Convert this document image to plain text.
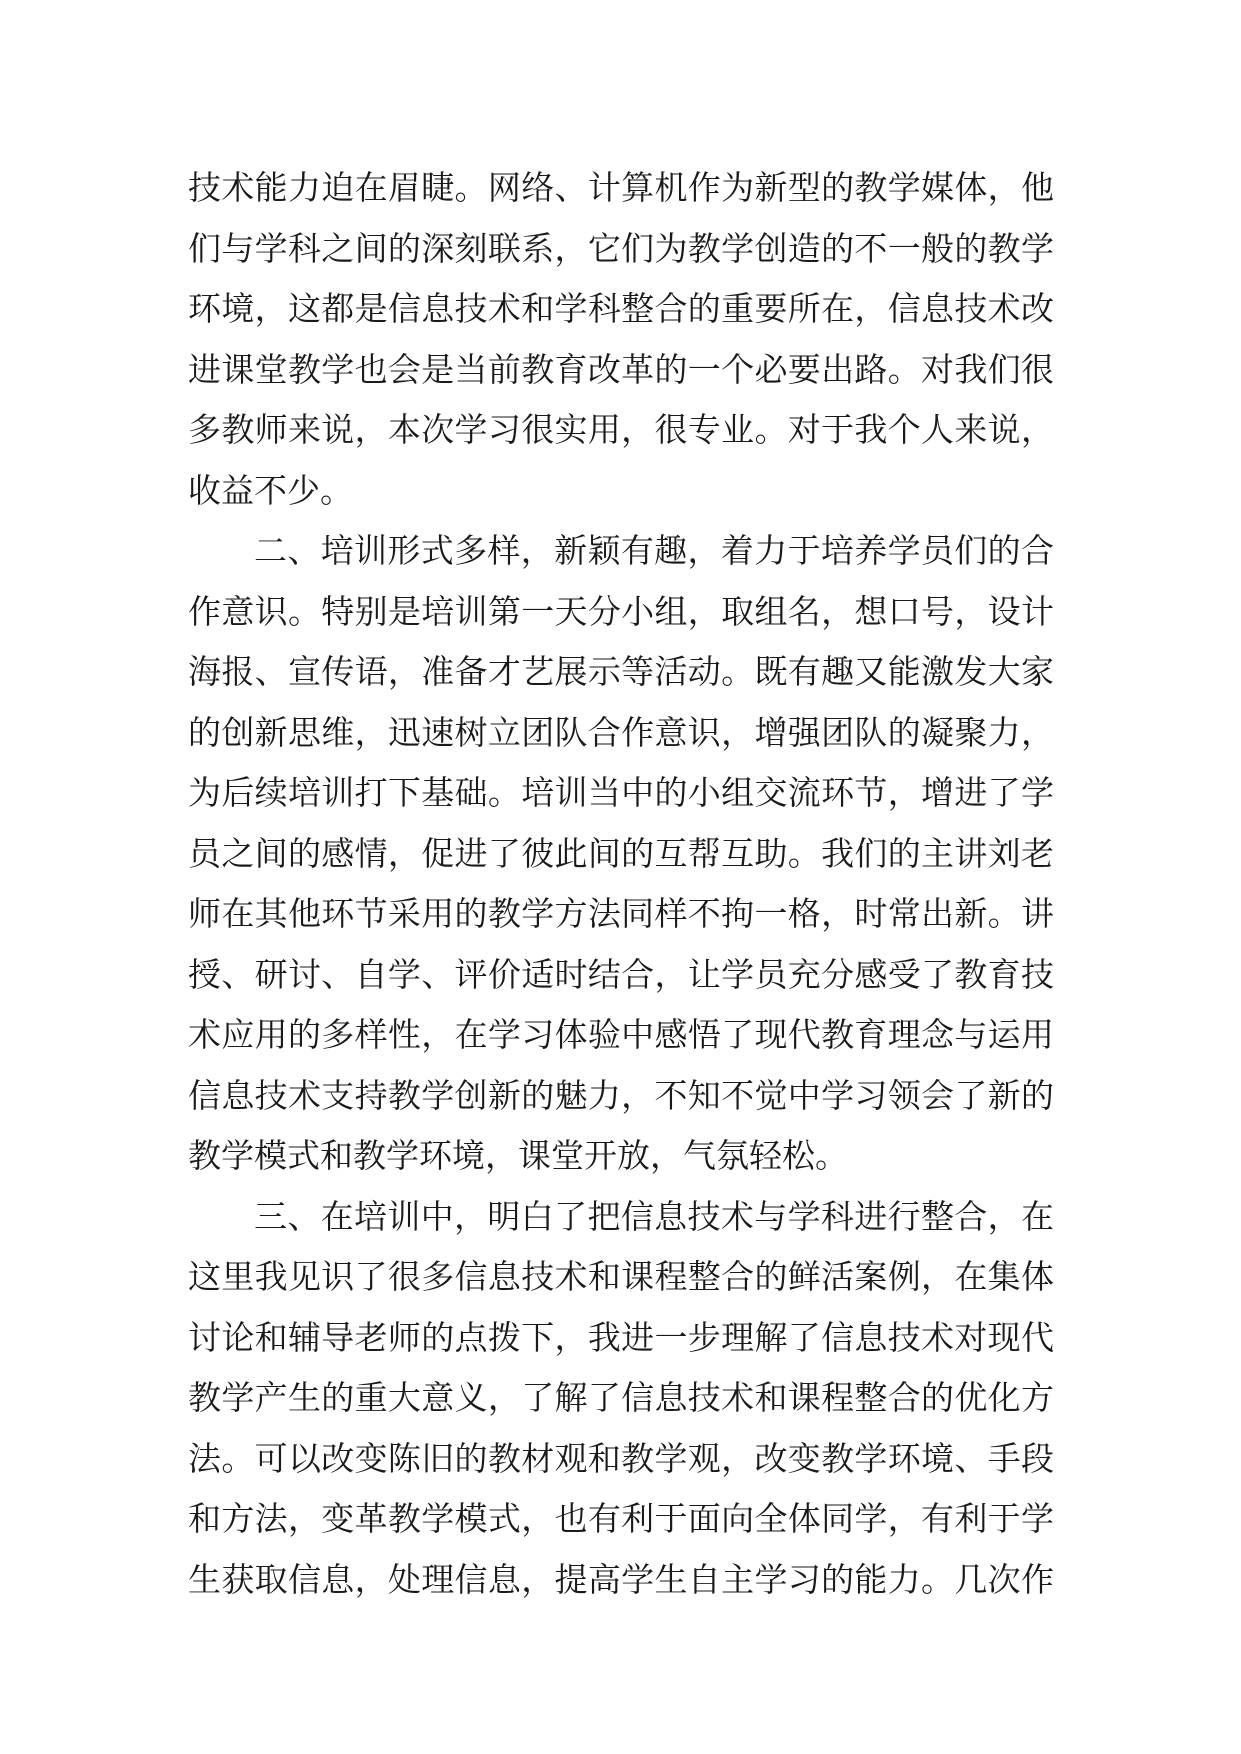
技术能力迫在眉睫。网络、计算机作为新型的教学媒体，他
们与学科之间的深刻联系，它们为教学创造的不一般的教学
环境，这都是信息技术和学科整合的重要所在，信息技术改
进课堂教学也会是当前教育改革的一个必要出路。对我们很
多教师来说，本次学习很实用，很专业。对于我个人来说，
收益不少。
二、培训形式多样，新颖有趣，着力于培养学员们的合
作意识。特别是培训第一天分小组，取组名，想口号，设计
海报、宣传语，准备才艺展示等活动。既有趣又能激发大家
的创新思维，迅速树立团队合作意识，增强团队的凝聚力，
为后续培训打下基础。培训当中的小组交流环节，增进了学
员之间的感情，促进了彼此间的互帮互助。我们的主讲刘老
师在其他环节采用的教学方法同样不拘一格，时常出新。讲
授、研讨、自学、评价适时结合，让学员充分感受了教育技
术应用的多样性，在学习体验中感悟了现代教育理念与运用
信息技术支持教学创新的魅力，不知不觉中学习领会了新的
教学模式和教学环境，课堂开放，气氛轻松。
三、在培训中，明白了把信息技术与学科进行整合，在
这里我见识了很多信息技术和课程整合的鲜活案例，在集体
讨论和辅导老师的点拨下，我进一步理解了信息技术对现代
教学产生的重大意义，了解了信息技术和课程整合的优化方
法。可以改变陈旧的教材观和教学观，改变教学环境、手段
和方法，变革教学模式，也有利于面向全体同学，有利于学
生获取信息，处理信息，提高学生自主学习的能力。几次作
